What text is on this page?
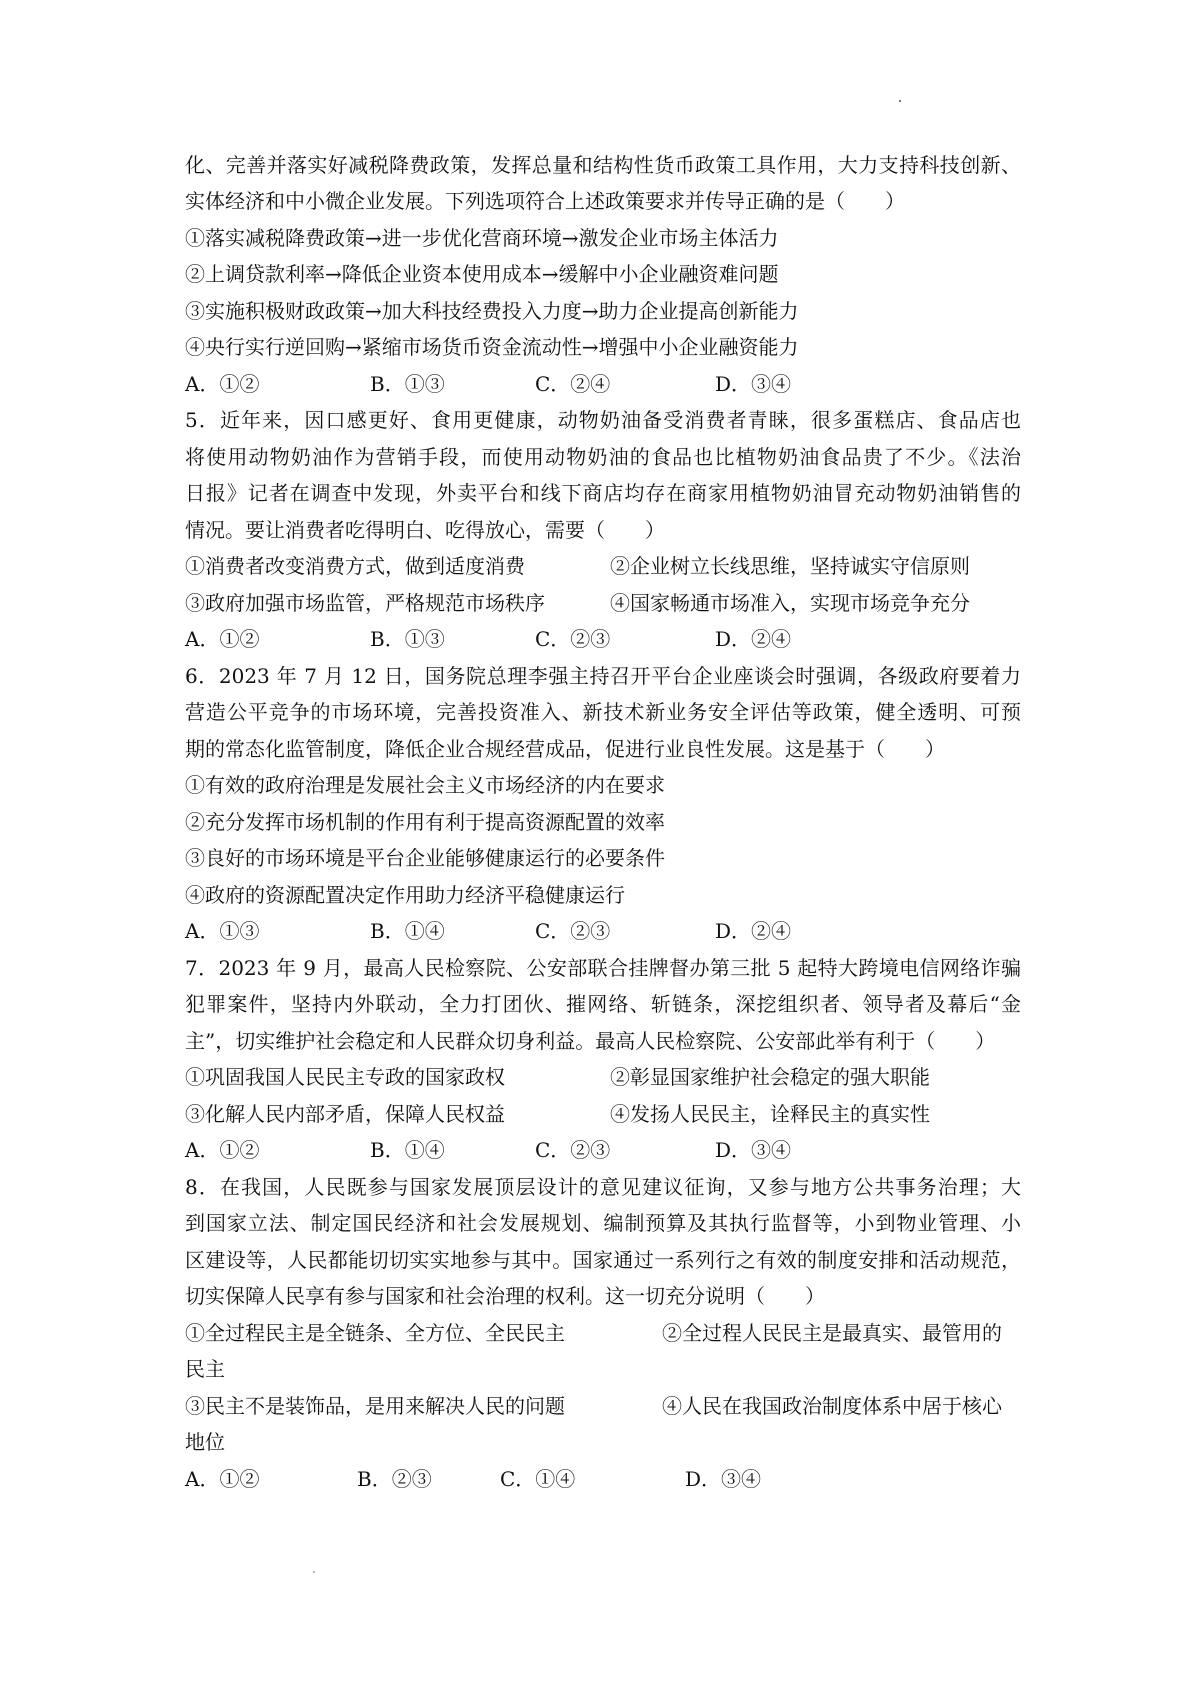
化、完善并落实好减税降费政策，发挥总量和结构性货币政策工具作用，大力支持科技创新、
实体经济和中小微企业发展。下列选项符合上述政策要求并传导正确的是（　　）
①落实减税降费政策→进一步优化营商环境→激发企业市场主体活力
②上调贷款利率→降低企业资本使用成本→缓解中小企业融资难问题
③实施积极财政政策→加大科技经费投入力度→助力企业提高创新能力
④央行实行逆回购→紧缩市场货币资金流动性→增强中小企业融资能力
A．①②	B．①③	C．②④	D．③④
5．近年来，因口感更好、食用更健康，动物奶油备受消费者青睐，很多蛋糕店、食品店也
将使用动物奶油作为营销手段，而使用动物奶油的食品也比植物奶油食品贵了不少。《法治
日报》记者在调查中发现，外卖平台和线下商店均存在商家用植物奶油冒充动物奶油销售的
情况。要让消费者吃得明白、吃得放心，需要（　　）
①消费者改变消费方式，做到适度消费	②企业树立长线思维，坚持诚实守信原则
③政府加强市场监管，严格规范市场秩序	④国家畅通市场准入，实现市场竞争充分
A．①②	B．①③	C．②③	D．②④
6．2023 年 7 月 12 日，国务院总理李强主持召开平台企业座谈会时强调，各级政府要着力
营造公平竞争的市场环境，完善投资准入、新技术新业务安全评估等政策，健全透明、可预
期的常态化监管制度，降低企业合规经营成品，促进行业良性发展。这是基于（　　）
①有效的政府治理是发展社会主义市场经济的内在要求
②充分发挥市场机制的作用有利于提高资源配置的效率
③良好的市场环境是平台企业能够健康运行的必要条件
④政府的资源配置决定作用助力经济平稳健康运行
A．①③	B．①④	C．②③	D．②④
7．2023 年 9 月，最高人民检察院、公安部联合挂牌督办第三批 5 起特大跨境电信网络诈骗
犯罪案件，坚持内外联动，全力打团伙、摧网络、斩链条，深挖组织者、领导者及幕后“金
主”，切实维护社会稳定和人民群众切身利益。最高人民检察院、公安部此举有利于（　　）
①巩固我国人民民主专政的国家政权	②彰显国家维护社会稳定的强大职能
③化解人民内部矛盾，保障人民权益	④发扬人民民主，诠释民主的真实性
A．①②	B．①④	C．②③	D．③④
8．在我国，人民既参与国家发展顶层设计的意见建议征询，又参与地方公共事务治理；大
到国家立法、制定国民经济和社会发展规划、编制预算及其执行监督等，小到物业管理、小
区建设等，人民都能切切实实地参与其中。国家通过一系列行之有效的制度安排和活动规范，
切实保障人民享有参与国家和社会治理的权利。这一切充分说明（　　）
①全过程民主是全链条、全方位、全民民主	②全过程人民民主是最真实、最管用的
民主
③民主不是装饰品，是用来解决人民的问题	④人民在我国政治制度体系中居于核心
地位
A．①②	B．②③	C．①④	D．③④
